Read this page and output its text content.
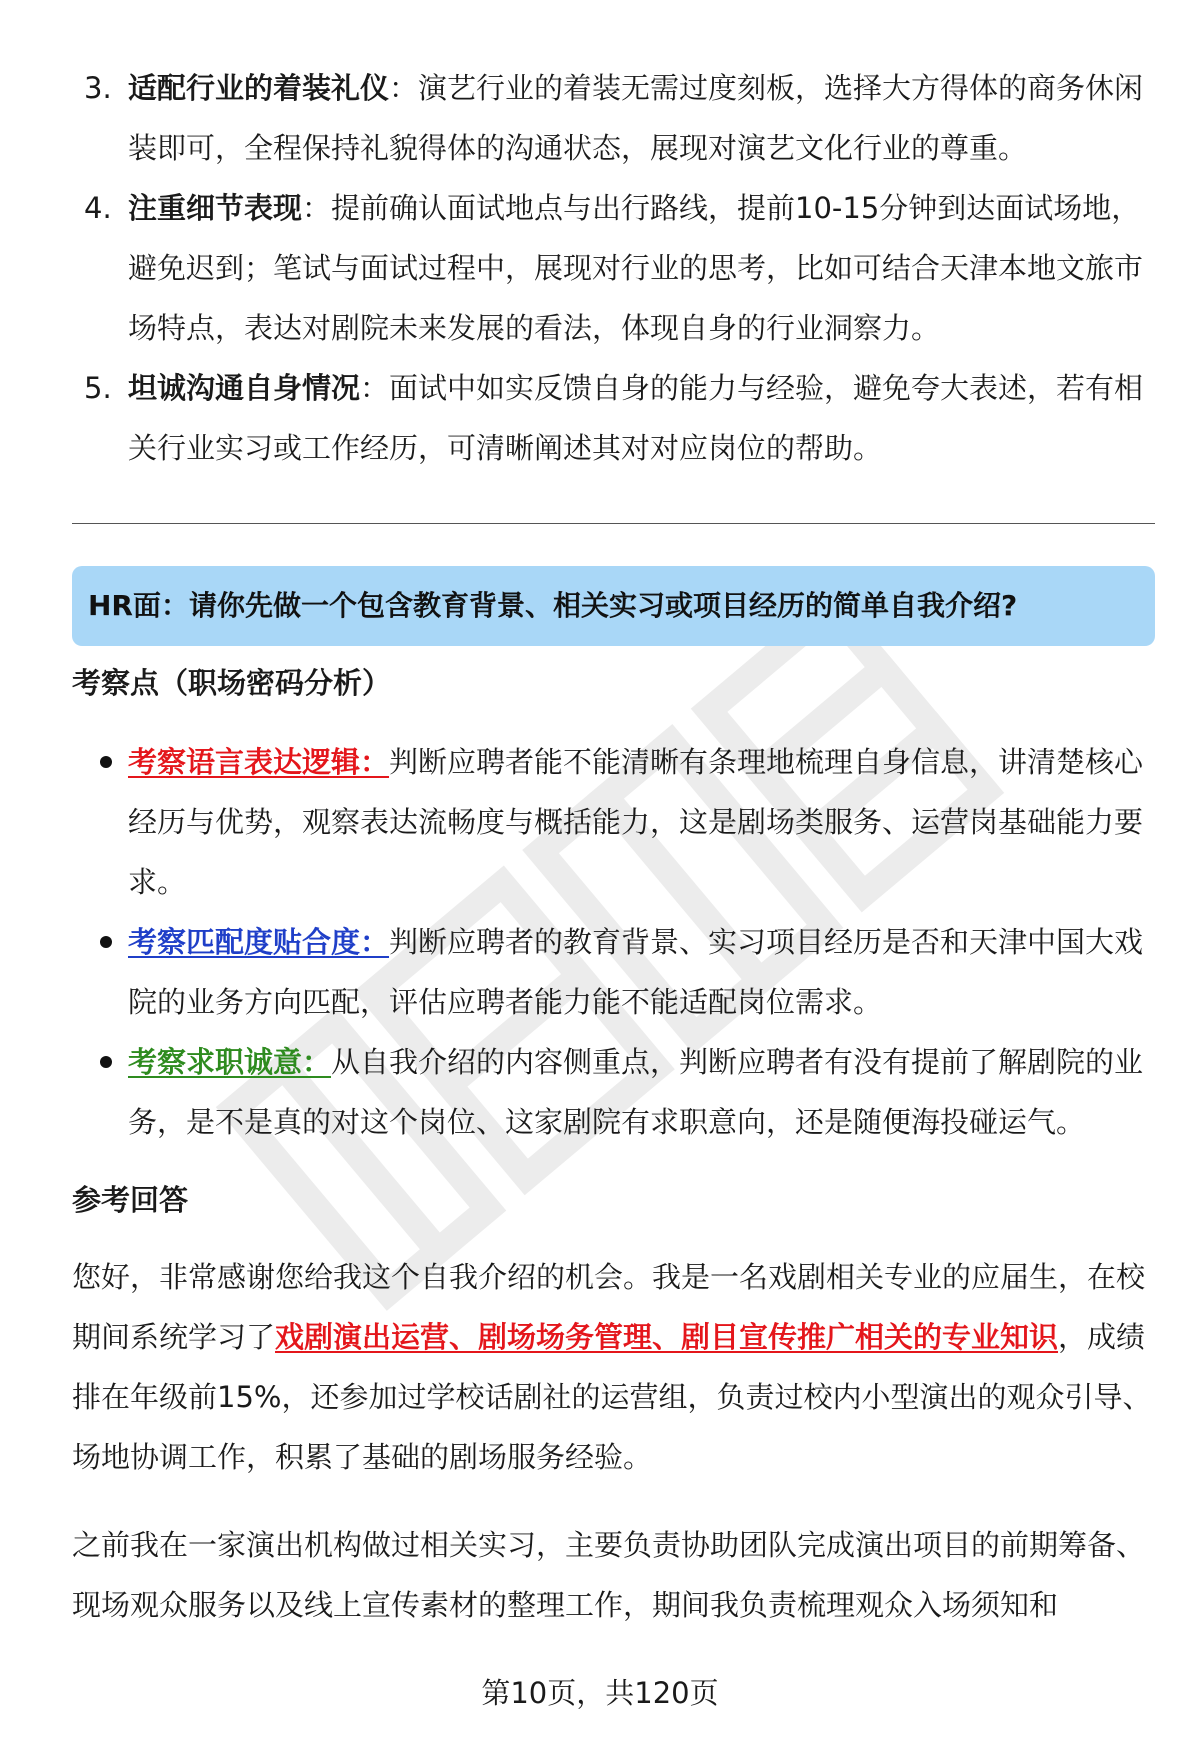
3. 适配行业的着装礼仪：演艺行业的着装无需过度刻板，选择大方得体的商务休闲装即可，全程保持礼貌得体的沟通状态，展现对演艺文化行业的尊重。
4. 注重细节表现：提前确认面试地点与出行路线，提前10-15分钟到达面试场地，避免迟到；笔试与面试过程中，展现对行业的思考，比如可结合天津本地文旅市场特点，表达对剧院未来发展的看法，体现自身的行业洞察力。
5. 坦诚沟通自身情况：面试中如实反馈自身的能力与经验，避免夸大表述，若有相关行业实习或工作经历，可清晰阐述其对对应岗位的帮助。
HR面：请你先做一个包含教育背景、相关实习或项目经历的简单自我介绍?
考察点（职场密码分析）
考察语言表达逻辑：判断应聘者能不能清晰有条理地梳理自身信息，讲清楚核心经历与优势，观察表达流畅度与概括能力，这是剧场类服务、运营岗基础能力要求。
考察匹配度贴合度：判断应聘者的教育背景、实习项目经历是否和天津中国大戏院的业务方向匹配，评估应聘者能力能不能适配岗位需求。
考察求职诚意：从自我介绍的内容侧重点，判断应聘者有没有提前了解剧院的业务，是不是真的对这个岗位、这家剧院有求职意向，还是随便海投碰运气。
参考回答
您好，非常感谢您给我这个自我介绍的机会。我是一名戏剧相关专业的应届生，在校期间系统学习了戏剧演出运营、剧场场务管理、剧目宣传推广相关的专业知识，成绩排在年级前15%，还参加过学校话剧社的运营组，负责过校内小型演出的观众引导、场地协调工作，积累了基础的剧场服务经验。
之前我在一家演出机构做过相关实习，主要负责协助团队完成演出项目的前期筹备、现场观众服务以及线上宣传素材的整理工作，期间我负责梳理观众入场须知和
第10页，共120页
